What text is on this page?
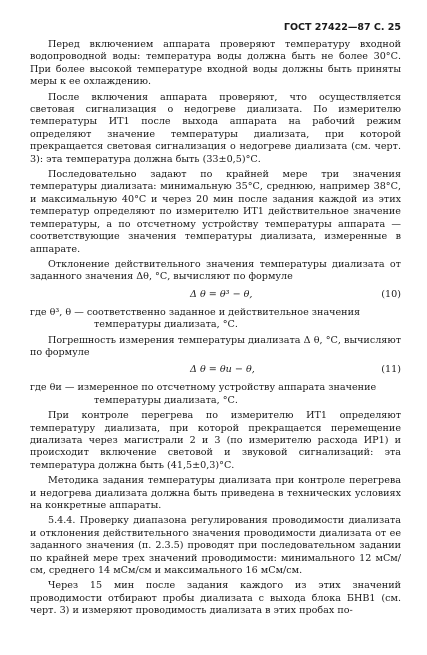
ГОСТ 27422—87 С. 25

Перед включением аппарата проверяют температуру входной водопроводной воды: температура воды должна быть не более 30°С. При более высокой температуре входной воды должны быть приняты меры к ее охлаждению.

После включения аппарата проверяют, что осуществляется световая сигнализация о недогреве диализата. По измерителю температуры ИТ1 после выхода аппарата на рабочий режим определяют значение температуры диализата, при которой прекращается световая сигнализация о недогреве диализата (см. черт. 3): эта температура должна быть (33±0,5)°С.

Последовательно задают по крайней мере три значения температуры диализата: минимальную 35°С, среднюю, например 38°С, и максимальную 40°С и через 20 мин после задания каждой из этих температур определяют по измерителю ИТ1 действительное значение температуры, а по отсчетному устройству температуры аппарата — соответствующие значения температуры диализата, измеренные в аппарате.

Отклонение действительного значения температуры диализата от заданного значения Δθ, °С, вычисляют по формуле

Δ θ = θ³ − θ,	(10)
где θ³, θ — соответственно заданное и действительное значения
температуры диализата, °С.

Погрешность измерения температуры диализата Δ θ, °С, вычисляют по формуле

Δ θ = θи − θ,	(11)
где θи — измеренное по отсчетному устройству аппарата значение
температуры диализата, °С.

При контроле перегрева по измерителю ИТ1 определяют температуру диализата, при которой прекращается перемещение диализата через магистрали 2 и 3 (по измерителю расхода ИР1) и происходит включение световой и звуковой сигнализаций: эта температура должна быть (41,5±0,3)°С.

Методика задания температуры диализата при контроле перегрева и недогрева диализата должна быть приведена в технических условиях на конкретные аппараты.

5.4.4. Проверку диапазона регулирования проводимости диализата и отклонения действительного значения проводимости диализата от ее заданного значения (п. 2.3.5) проводят при последовательном задании по крайней мере трех значений проводимости: минимального 12 мСм/см, среднего 14 мСм/см и максимального 16 мСм/см.

Через 15 мин после задания каждого из этих значений проводимости отбирают пробы диализата с выхода блока БНВ1 (см. черт. 3) и измеряют проводимость диализата в этих пробах по-
